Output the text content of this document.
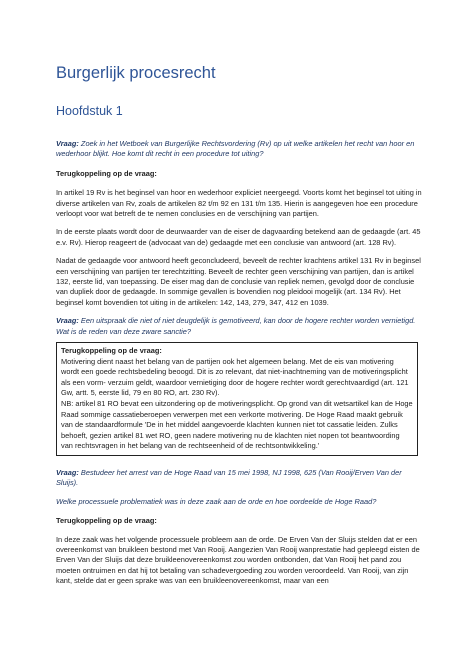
Burgerlijk procesrecht
Hoofdstuk 1

Vraag: Zoek in het Wetboek van Burgerlijke Rechtsvordering (Rv) op uit welke artikelen het recht van hoor en wederhoor blijkt. Hoe komt dit recht in een procedure tot uiting?

Terugkoppeling op de vraag:

In artikel 19 Rv is het beginsel van hoor en wederhoor expliciet neergeegd. Voorts komt het beginsel tot uiting in diverse artikelen van Rv, zoals de artikelen 82 t/m 92 en 131 t/m 135. Hierin is aangegeven hoe een procedure verloopt voor wat betreft de te nemen conclusies en de verschijning van partijen.

In de eerste plaats wordt door de deurwaarder van de eiser de dagvaarding betekend aan de gedaagde (art. 45 e.v. Rv). Hierop reageert de (advocaat van de) gedaagde met een conclusie van antwoord (art. 128 Rv).

Nadat de gedaagde voor antwoord heeft geconcludeerd, beveelt de rechter krachtens artikel 131 Rv in beginsel een verschijning van partijen ter terechtzitting. Beveelt de rechter geen verschijning van partijen, dan is artikel 132, eerste lid, van toepassing. De eiser mag dan de conclusie van repliek nemen, gevolgd door de conclusie van dupliek door de gedaagde. In sommige gevallen is bovendien nog pleidooi mogelijk (art. 134 Rv). Het beginsel komt bovendien tot uiting in de artikelen: 142, 143, 279, 347, 412 en 1039.

Vraag: Een uitspraak die niet of niet deugdelijk is gemotiveerd, kan door de hogere rechter worden vernietigd. Wat is de reden van deze zware sanctie?

Terugkoppeling op de vraag:

Motivering dient naast het belang van de partijen ook het algemeen belang. Met de eis van motivering wordt een goede rechtsbedeling beoogd. Dit is zo relevant, dat niet-inachtneming van de motiveringsplicht als een vorm- verzuim geldt, waardoor vernietiging door de hogere rechter wordt gerechtvaardigd (art. 121 Gw, artt. 5, eerste lid, 79 en 80 RO, art. 230 Rv).

NB: artikel 81 RO bevat een uitzondering op de motiveringsplicht. Op grond van dit wetsartikel kan de Hoge Raad sommige cassatieberoepen verwerpen met een verkorte motivering. De Hoge Raad maakt gebruik van de standaardformule 'De in het middel aangevoerde klachten kunnen niet tot cassatie leiden. Zulks behoeft, gezien artikel 81 wet RO, geen nadere motivering nu de klachten niet nopen tot beantwoording van rechtsvragen in het belang van de rechtseenheid of de rechtsontwikkeling.'

Vraag: Bestudeer het arrest van de Hoge Raad van 15 mei 1998, NJ 1998, 625 (Van Rooij/Erven Van der Sluijs).

Welke processuele problematiek was in deze zaak aan de orde en hoe oordeelde de Hoge Raad?

Terugkoppeling op de vraag:

In deze zaak was het volgende processuele probleem aan de orde. De Erven Van der Sluijs stelden dat er een overeenkomst van bruikleen bestond met Van Rooij. Aangezien Van Rooij wanprestatie had gepleegd eisten de Erven Van der Sluijs dat deze bruikleenovereenkomst zou worden ontbonden, dat Van Rooij het pand zou moeten ontruimen en dat hij tot betaling van schadevergoeding zou worden veroordeeld. Van Rooij, van zijn kant, stelde dat er geen sprake was van een bruikleenovereenkomst, maar van een
